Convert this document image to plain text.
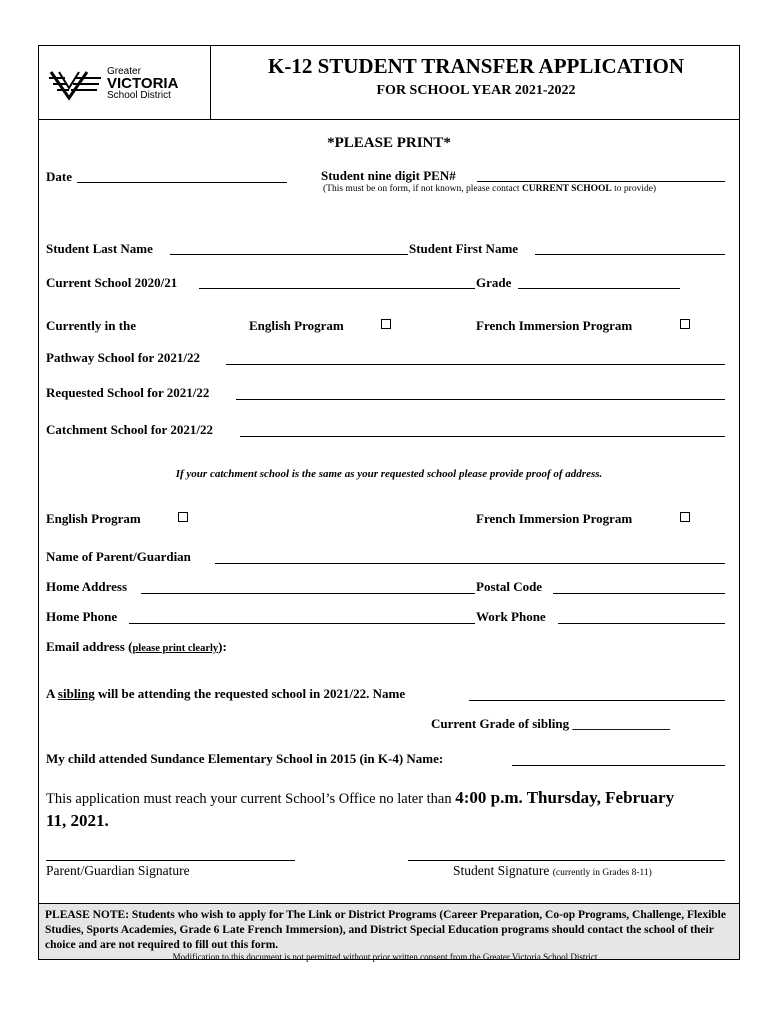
Greater
VICTORIA
School District
K-12 STUDENT TRANSFER APPLICATION
FOR SCHOOL YEAR 2021-2022
*PLEASE PRINT*
Date	Student nine digit PEN#
(This must be on form, if not known, please contact CURRENT SCHOOL to provide)
Student Last Name	Student First Name
Current School 2020/21	Grade
Currently in the	English Program	French Immersion Program
Pathway School for 2021/22
Requested School for 2021/22
Catchment School for 2021/22
If your catchment school is the same as your requested school please provide proof of address.
English Program	French Immersion Program
Name of Parent/Guardian
Home Address	Postal Code
Home Phone	Work Phone
Email address (please print clearly):
A sibling will be attending the requested school in 2021/22. Name
Current Grade of sibling _______________
My child attended Sundance Elementary School in 2015 (in K-4) Name:
This application must reach your current School’s Office no later than 4:00 p.m. Thursday, February
11, 2021.
Parent/Guardian Signature	Student Signature (currently in Grades 8-11)
PLEASE NOTE: Students who wish to apply for The Link or District Programs (Career Preparation, Co-op Programs, Challenge, Flexible Studies, Sports Academies, Grade 6 Late French Immersion), and District Special Education programs should contact the school of their choice and are not required to fill out this form.
Modification to this document is not permitted without prior written consent from the Greater Victoria School District
